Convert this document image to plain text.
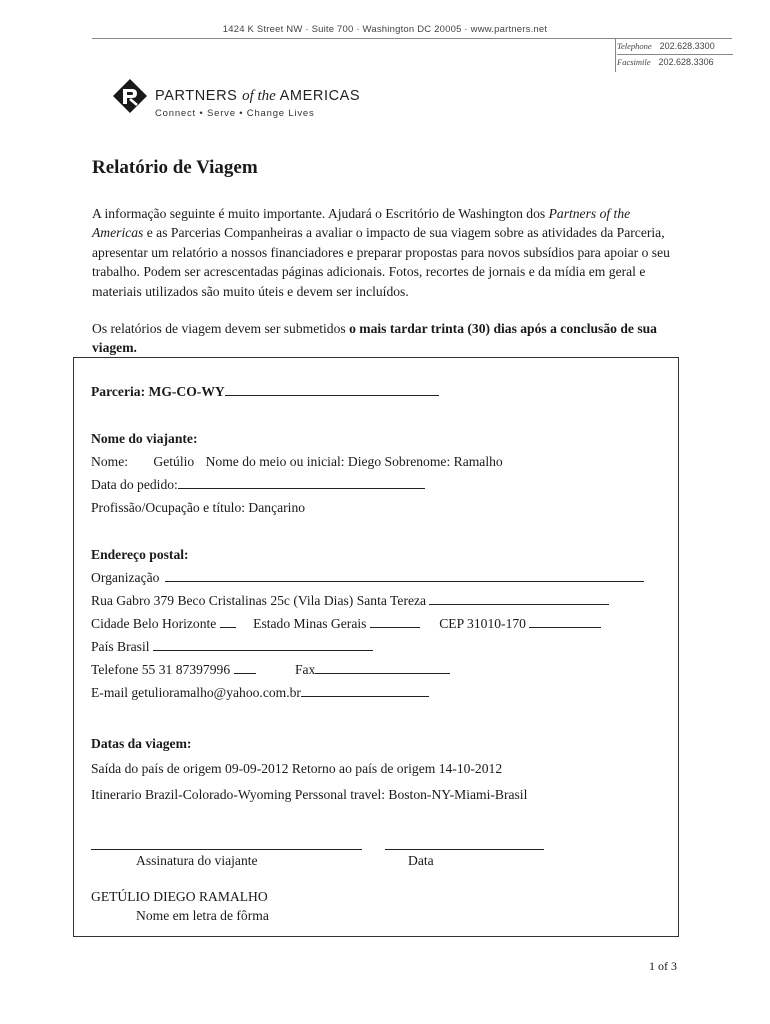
1424 K Street NW · Suite 700 · Washington DC 20005 · www.partners.net
Telephone 202.628.3300
Facsimile 202.628.3306
PARTNERS of the AMERICAS
Connect • Serve • Change Lives
Relatório de Viagem
A informação seguinte é muito importante. Ajudará o Escritório de Washington dos Partners of the Americas e as Parcerias Companheiras a avaliar o impacto de sua viagem sobre as atividades da Parceria, apresentar um relatório a nossos financiadores e preparar propostas para novos subsídios para apoiar o seu trabalho. Podem ser acrescentadas páginas adicionais. Fotos, recortes de jornais e da mídia em geral e materiais utilizados são muito úteis e devem ser incluídos.
Os relatórios de viagem devem ser submetidos o mais tardar trinta (30) dias após a conclusão de sua viagem.
Parceria: MG-CO-WY
Nome do viajante:
Nome: Getúlio Nome do meio ou inicial: Diego Sobrenome: Ramalho
Data do pedido:
Profissão/Ocupação e título: Dançarino
Endereço postal:
Organização
Rua Gabro 379 Beco Cristalinas 25c (Vila Dias) Santa Tereza
Cidade Belo Horizonte	Estado Minas Gerais	CEP 31010-170
País Brasil
Telefone 55 31 87397996	Fax
E-mail getulioramalho@yahoo.com.br
Datas da viagem:
Saída do país de origem 09-09-2012 Retorno ao país de origem 14-10-2012
Itinerario Brazil-Colorado-Wyoming Perssonal travel: Boston-NY-Miami-Brasil
Assinatura do viajante	Data
GETÚLIO DIEGO RAMALHO
Nome em letra de fôrma
1 of 3
